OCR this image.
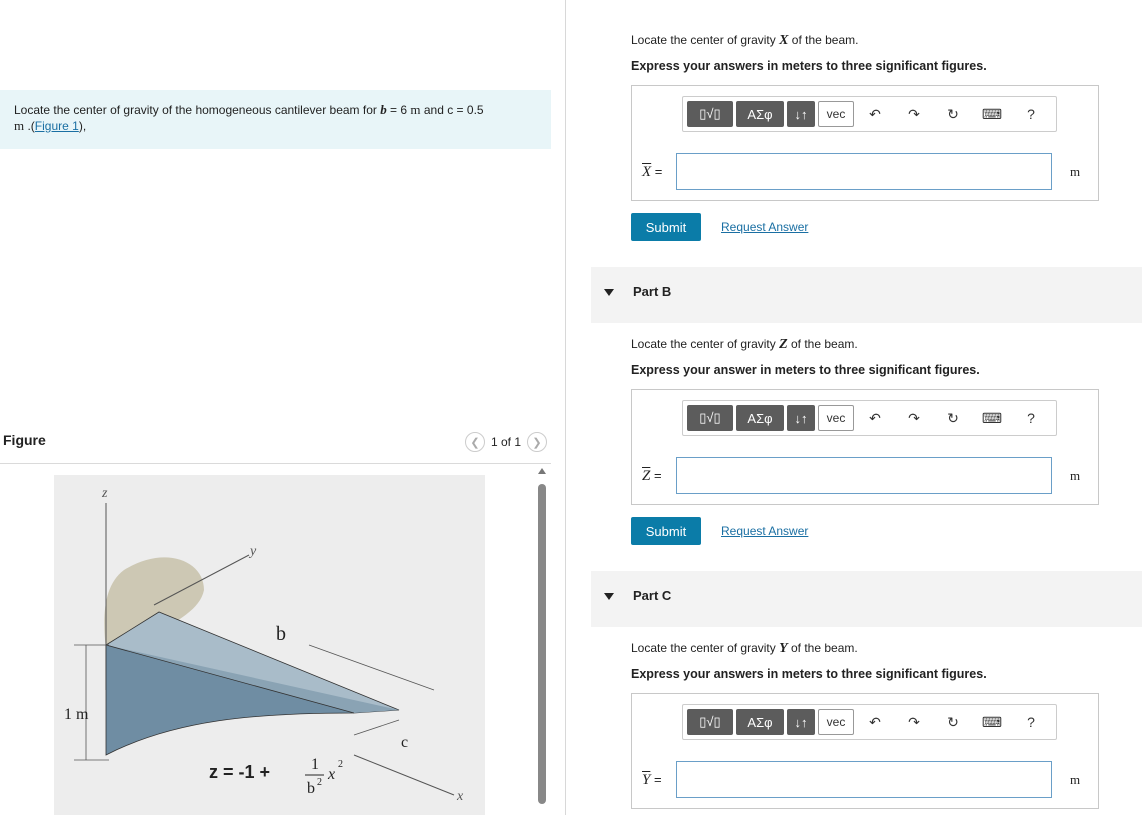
Locate the center of gravity of the homogeneous cantilever beam for b = 6 m and c = 0.5
m .(Figure 1),
Figure	❮ 1 of 1	❯
z
y
b
c
x
1 m
z = -1 +	1
b 2 x
2
Locate the center of gravity X of the beam.
Express your answers in meters to three significant figures.
▯√▯	ΑΣφ	↓↑	vec	↶	↷	↻	⌨	?
$\overline{X}$ =	m
Submit	Request Answer
Part B
Locate the center of gravity Z of the beam.
Express your answer in meters to three significant figures.
▯√▯	ΑΣφ	↓↑	vec	↶	↷	↻	⌨	?
$\overline{Z}$ =	m
Submit	Request Answer
Part C
Locate the center of gravity Y of the beam.
Express your answers in meters to three significant figures.
▯√▯	ΑΣφ	↓↑	vec	↶	↷	↻	⌨	?
$\overline{Y}$ =	m
